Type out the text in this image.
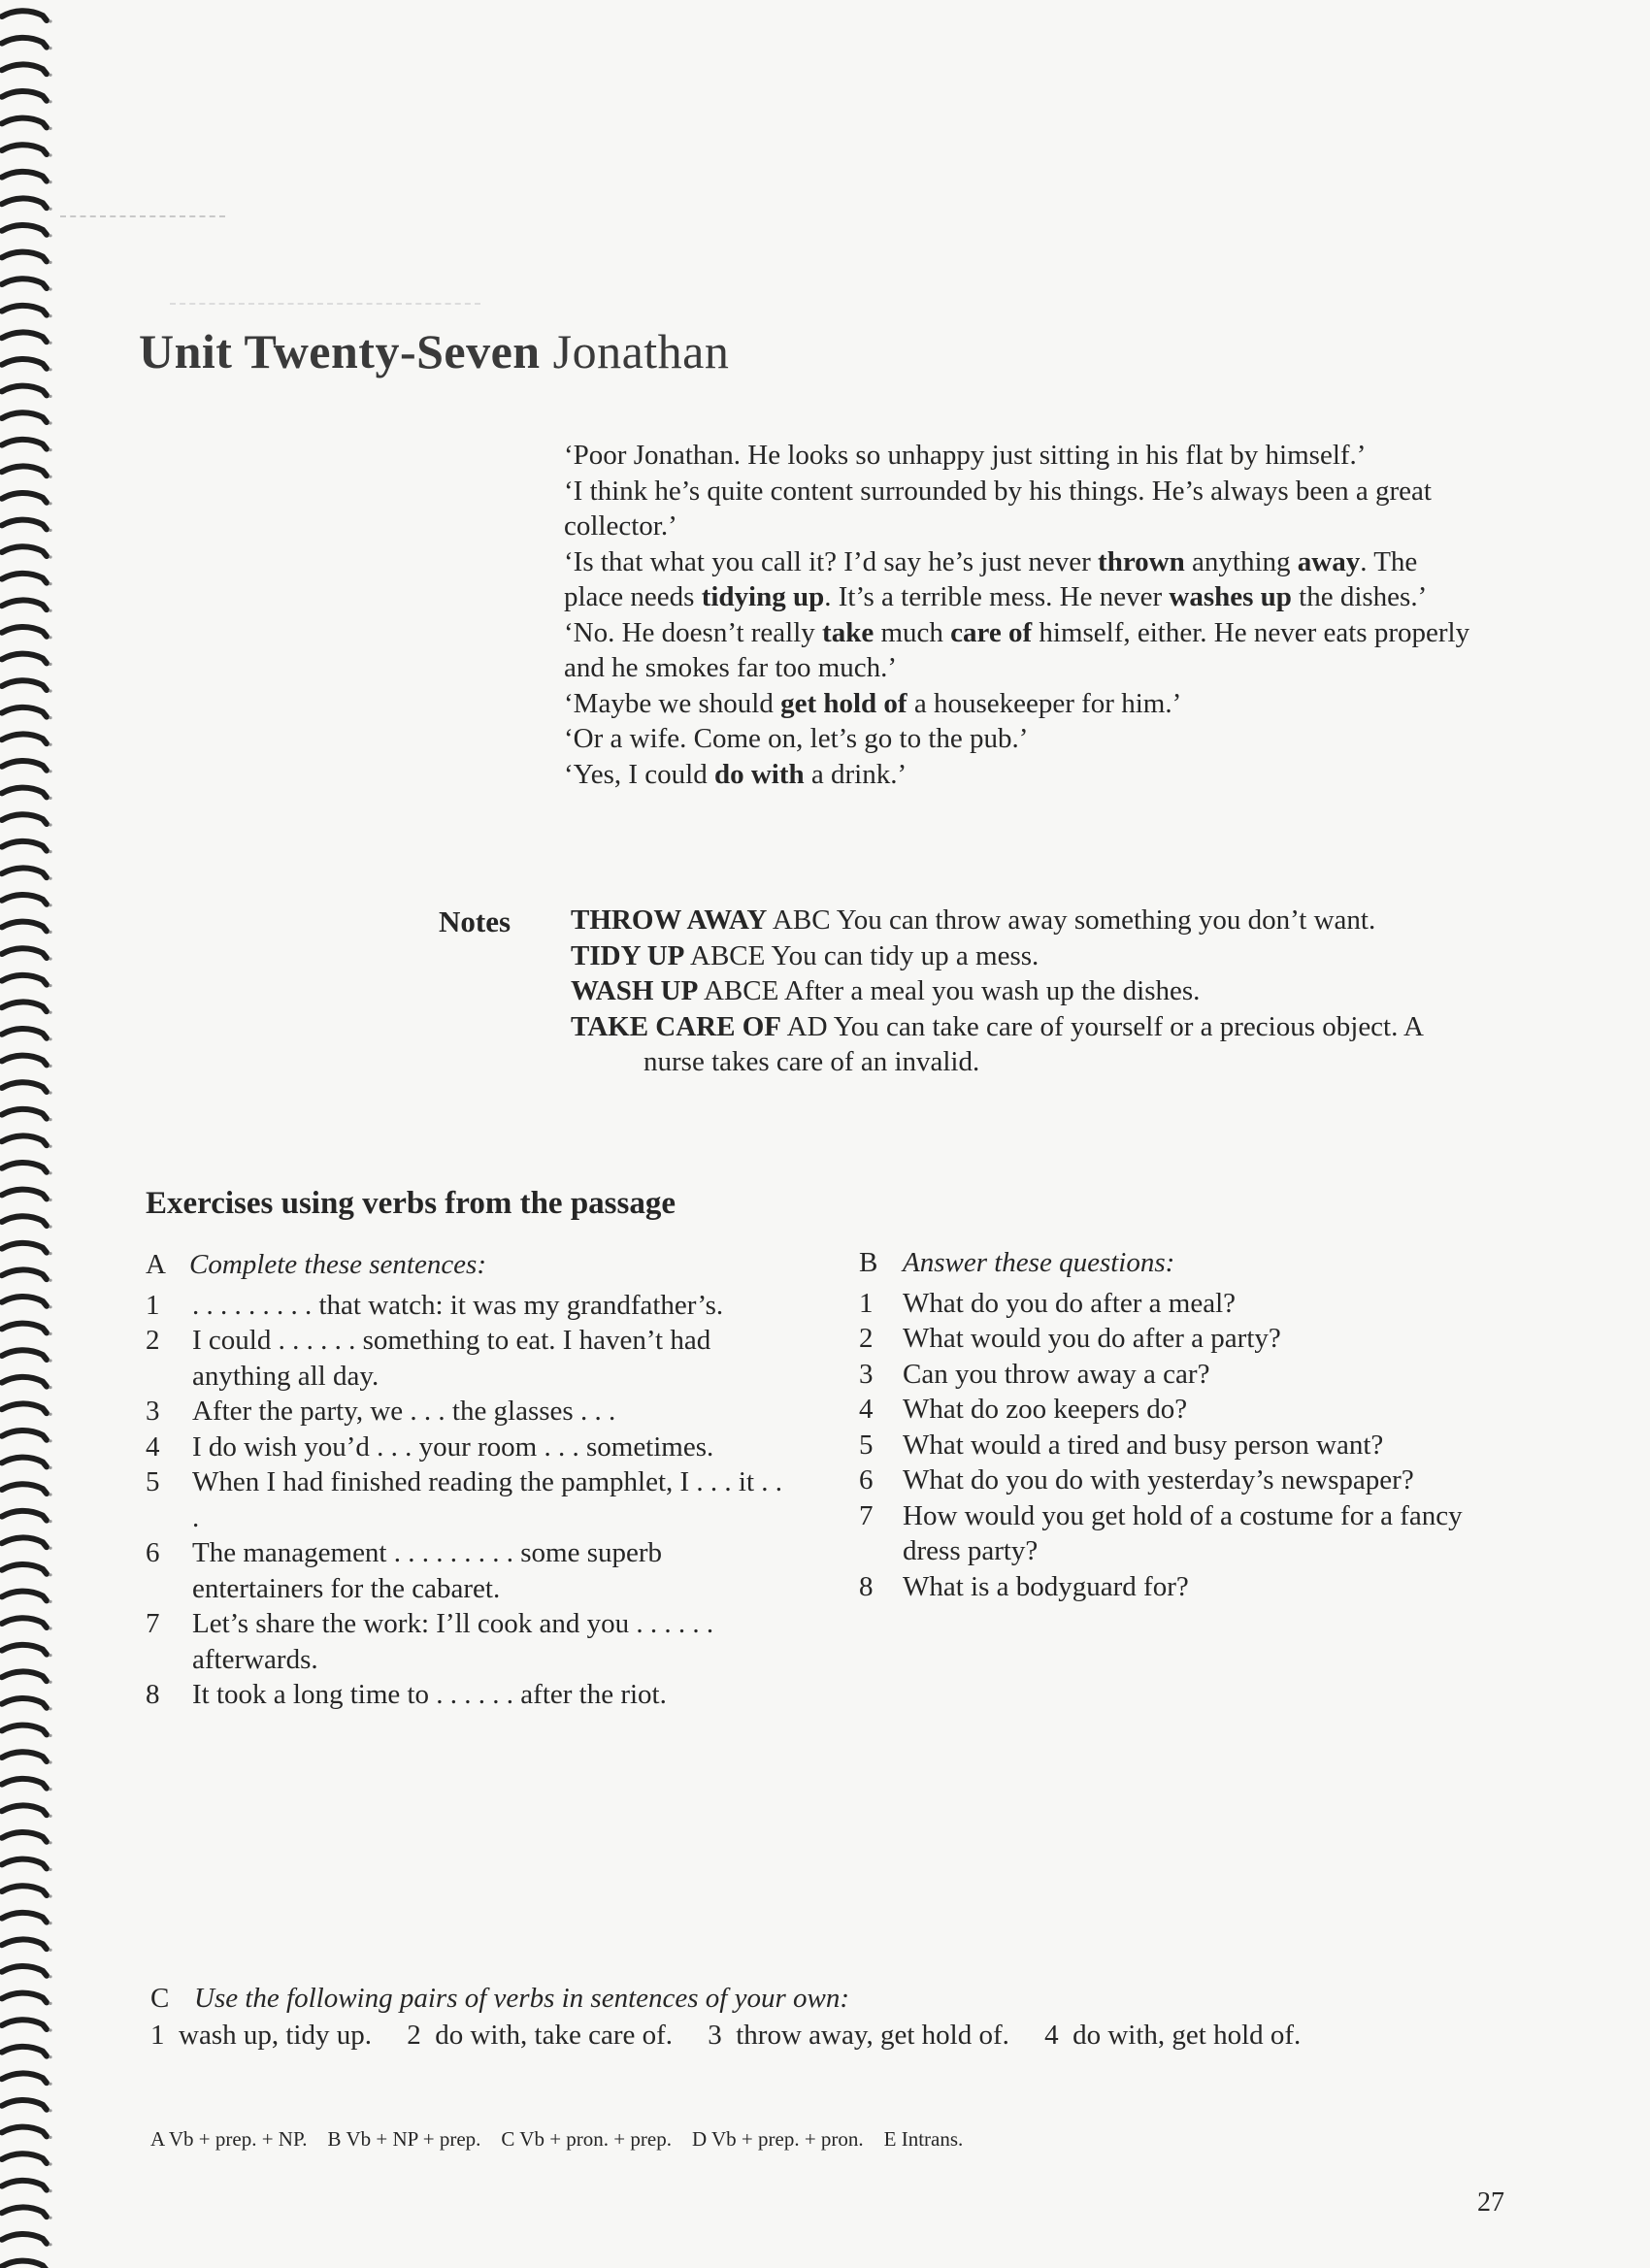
Unit Twenty-Seven Jonathan

‘Poor Jonathan. He looks so unhappy just sitting in his flat by himself.’

‘I think he’s quite content surrounded by his things. He’s always been a great collector.’

‘Is that what you call it? I’d say he’s just never thrown anything away. The place needs tidying up. It’s a terrible mess. He never washes up the dishes.’

‘No. He doesn’t really take much care of himself, either. He never eats properly and he smokes far too much.’

‘Maybe we should get hold of a housekeeper for him.’

‘Or a wife. Come on, let’s go to the pub.’

‘Yes, I could do with a drink.’

Notes THROW AWAY ABC You can throw away something you don’t want.

TIDY UP ABCE You can tidy up a mess.

WASH UP ABCE After a meal you wash up the dishes.

TAKE CARE OF AD You can take care of yourself or a precious object. A nurse takes care of an invalid.

Exercises using verbs from the passage

A Complete these sentences:

1	. . . . . . . . . that watch: it was my grandfather’s.
2	I could . . . . . . something to eat. I haven’t had anything all day.
3	After the party, we . . . the glasses . . .
4	I do wish you’d . . . your room . . . sometimes.
5	When I had finished reading the pamphlet, I . . . it . . .
6	The management . . . . . . . . . some superb entertainers for the cabaret.
7	Let’s share the work: I’ll cook and you . . . . . . afterwards.
8	It took a long time to . . . . . . after the riot.

B Answer these questions:

1	What do you do after a meal?
2	What would you do after a party?
3	Can you throw away a car?
4	What do zoo keepers do?
5	What would a tired and busy person want?
6	What do you do with yesterday’s newspaper?
7	How would you get hold of a costume for a fancy dress party?
8	What is a bodyguard for?

C Use the following pairs of verbs in sentences of your own:

1  wash up, tidy up.     2  do with, take care of.     3  throw away, get hold of.     4  do with, get hold of.

A Vb + prep. + NP.    B Vb + NP + prep.    C Vb + pron. + prep.    D Vb + prep. + pron.    E Intrans.
27
